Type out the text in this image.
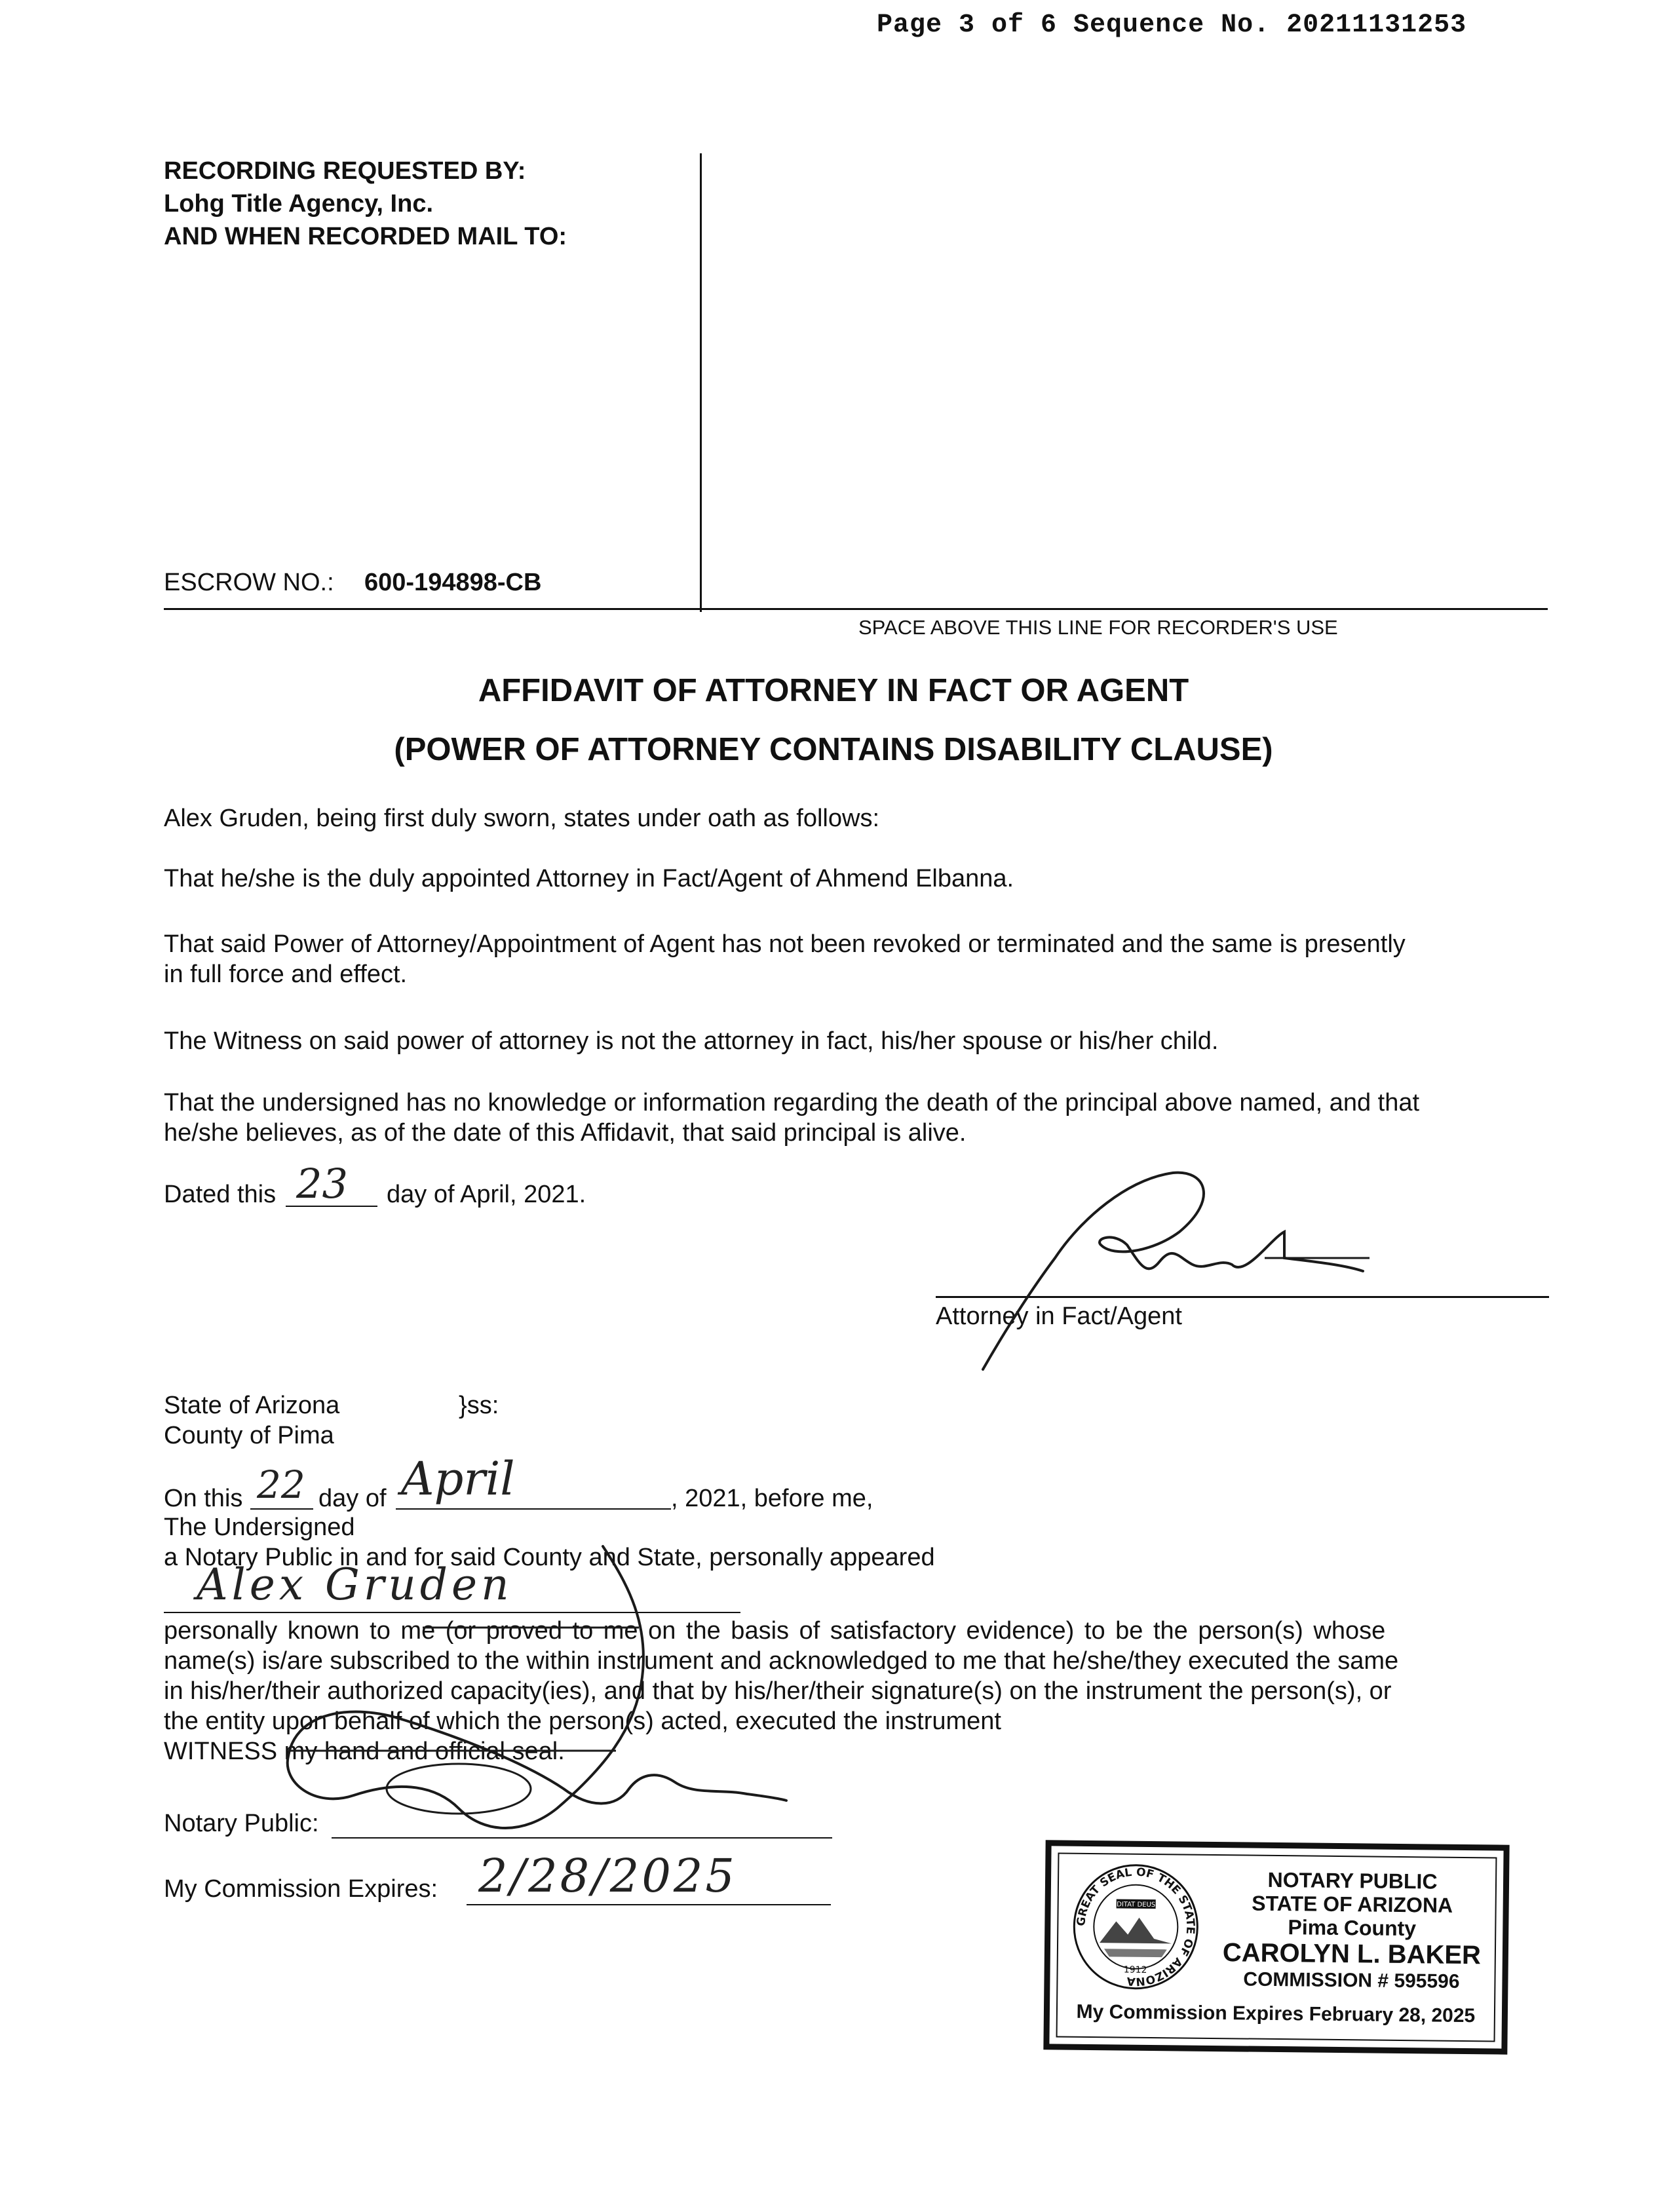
Page 3 of 6 Sequence No. 20211131253
RECORDING REQUESTED BY:
Lohg Title Agency, Inc.
AND WHEN RECORDED MAIL TO:
ESCROW NO.: 600-194898-CB
SPACE ABOVE THIS LINE FOR RECORDER'S USE
AFFIDAVIT OF ATTORNEY IN FACT OR AGENT
(POWER OF ATTORNEY CONTAINS DISABILITY CLAUSE)
Alex Gruden, being first duly sworn, states under oath as follows:
That he/she is the duly appointed Attorney in Fact/Agent of Ahmend Elbanna.
That said Power of Attorney/Appointment of Agent has not been revoked or terminated and the same is presently
in full force and effect.
The Witness on said power of attorney is not the attorney in fact, his/her spouse or his/her child.
That the undersigned has no knowledge or information regarding the death of the principal above named, and that
he/she believes, as of the date of this Affidavit, that said principal is alive.
Dated this 23 day of April, 2021.
Attorney in Fact/Agent
State of Arizona	}ss:
County of Pima
On this 22 day of April	, 2021, before me,
The Undersigned
a Notary Public in and for said County and State, personally appeared
Alex Gruden
personally known to me (or proved to me on the basis of satisfactory evidence) to be the person(s) whose
name(s) is/are subscribed to the within instrument and acknowledged to me that he/she/they executed the same
in his/her/their authorized capacity(ies), and that by his/her/their signature(s) on the instrument the person(s), or
the entity upon behalf of which the person(s) acted, executed the instrument
WITNESS my hand and official seal.
Notary Public:
My Commission Expires: 2/28/2025
GREAT SEAL OF THE STATE OF ARIZONA
DITAT DEUS
1912
NOTARY PUBLIC
STATE OF ARIZONA
Pima County
CAROLYN L. BAKER
COMMISSION # 595596
My Commission Expires February 28, 2025
